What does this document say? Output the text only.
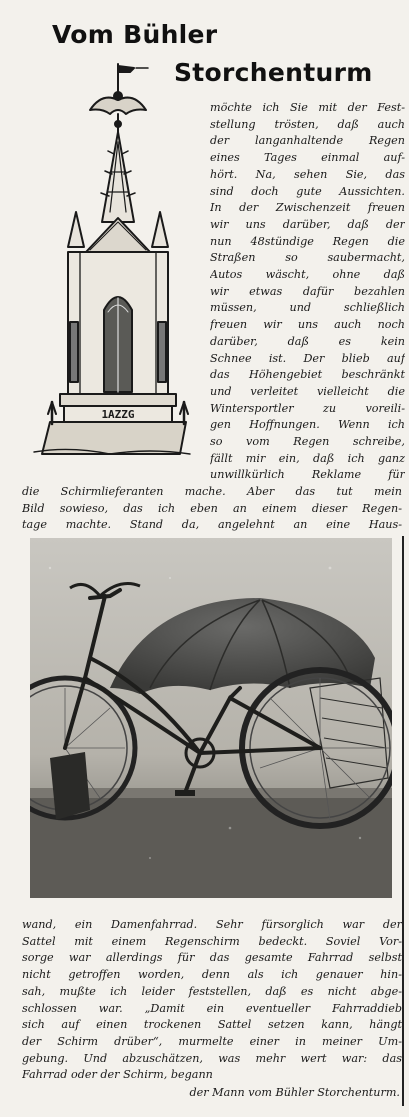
Vom Bühler
Storchenturm
1AZZG
möchte ich Sie mit der Fest-
stellung trösten, daß auch
der langanhaltende Regen
eines Tages einmal auf-
hört. Na, sehen Sie, das
sind doch gute Aussichten.
In der Zwischenzeit freuen
wir uns darüber, daß der
nun 48stündige Regen die
Straßen so saubermacht,
Autos wäscht, ohne daß
wir etwas dafür bezahlen
müssen, und schließlich
freuen wir uns auch noch
darüber, daß es kein
Schnee ist. Der blieb auf
das Höhengebiet beschränkt
und verleitet vielleicht die
Wintersportler zu voreili-
gen Hoffnungen. Wenn ich
so vom Regen schreibe,
fällt mir ein, daß ich ganz
unwillkürlich Reklame für
die Schirmlieferanten mache. Aber das tut mein
Bild sowieso, das ich eben an einem dieser Regen-
tage machte. Stand da, angelehnt an eine Haus-
wand, ein Damenfahrrad. Sehr fürsorglich war der
Sattel mit einem Regenschirm bedeckt. Soviel Vor-
sorge war allerdings für das gesamte Fahrrad selbst
nicht getroffen worden, denn als ich genauer hin-
sah, mußte ich leider feststellen, daß es nicht abge-
schlossen war. „Damit ein eventueller Fahrraddieb
sich auf einen trockenen Sattel setzen kann, hängt
der Schirm drüber“, murmelte einer in meiner Um-
gebung. Und abzuschätzen, was mehr wert war: das
Fahrrad oder der Schirm, begann
der Mann vom Bühler Storchenturm.
